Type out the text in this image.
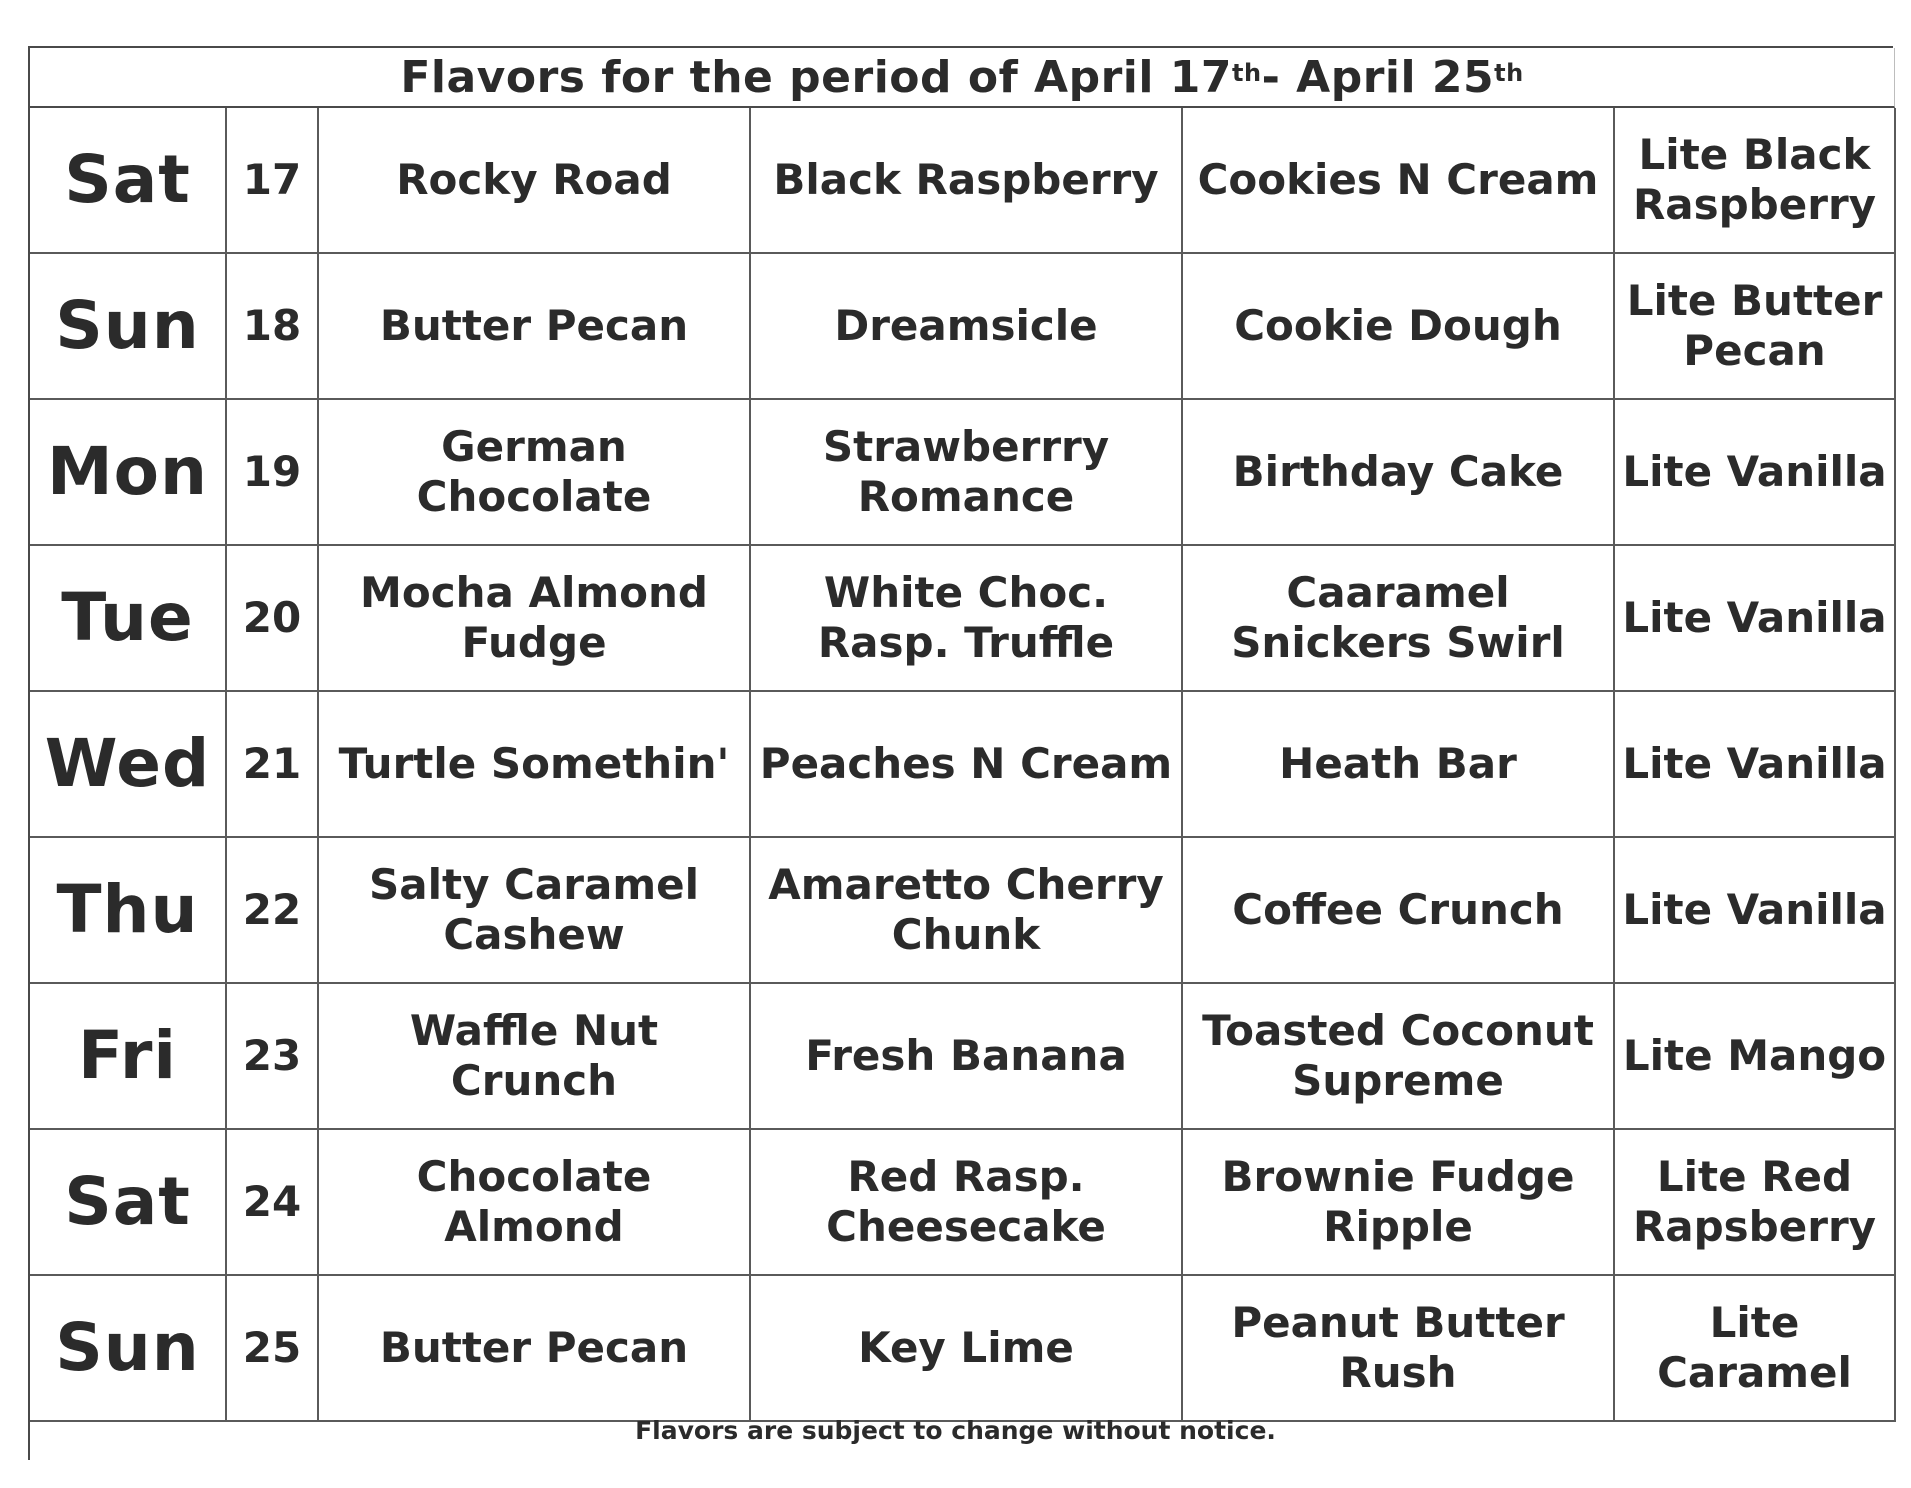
Flavors for the period of April 17th - April 25th
Sat	17	Rocky Road	Black Raspberry	Cookies N Cream	Lite Black Raspberry
Sun	18	Butter Pecan	Dreamsicle	Cookie Dough	Lite Butter Pecan
Mon	19	German Chocolate	Strawberrry Romance	Birthday Cake	Lite Vanilla
Tue	20	Mocha Almond Fudge	White Choc. Rasp. Truffle	Caaramel Snickers Swirl	Lite Vanilla
Wed	21	Turtle Somethin'	Peaches N Cream	Heath Bar	Lite Vanilla
Thu	22	Salty Caramel Cashew	Amaretto Cherry Chunk	Coffee Crunch	Lite Vanilla
Fri	23	Waffle Nut Crunch	Fresh Banana	Toasted Coconut Supreme	Lite Mango
Sat	24	Chocolate Almond	Red Rasp. Cheesecake	Brownie Fudge Ripple	Lite Red Rapsberry
Sun	25	Butter Pecan	Key Lime	Peanut Butter Rush	Lite Caramel
Flavors are subject to change without notice.
